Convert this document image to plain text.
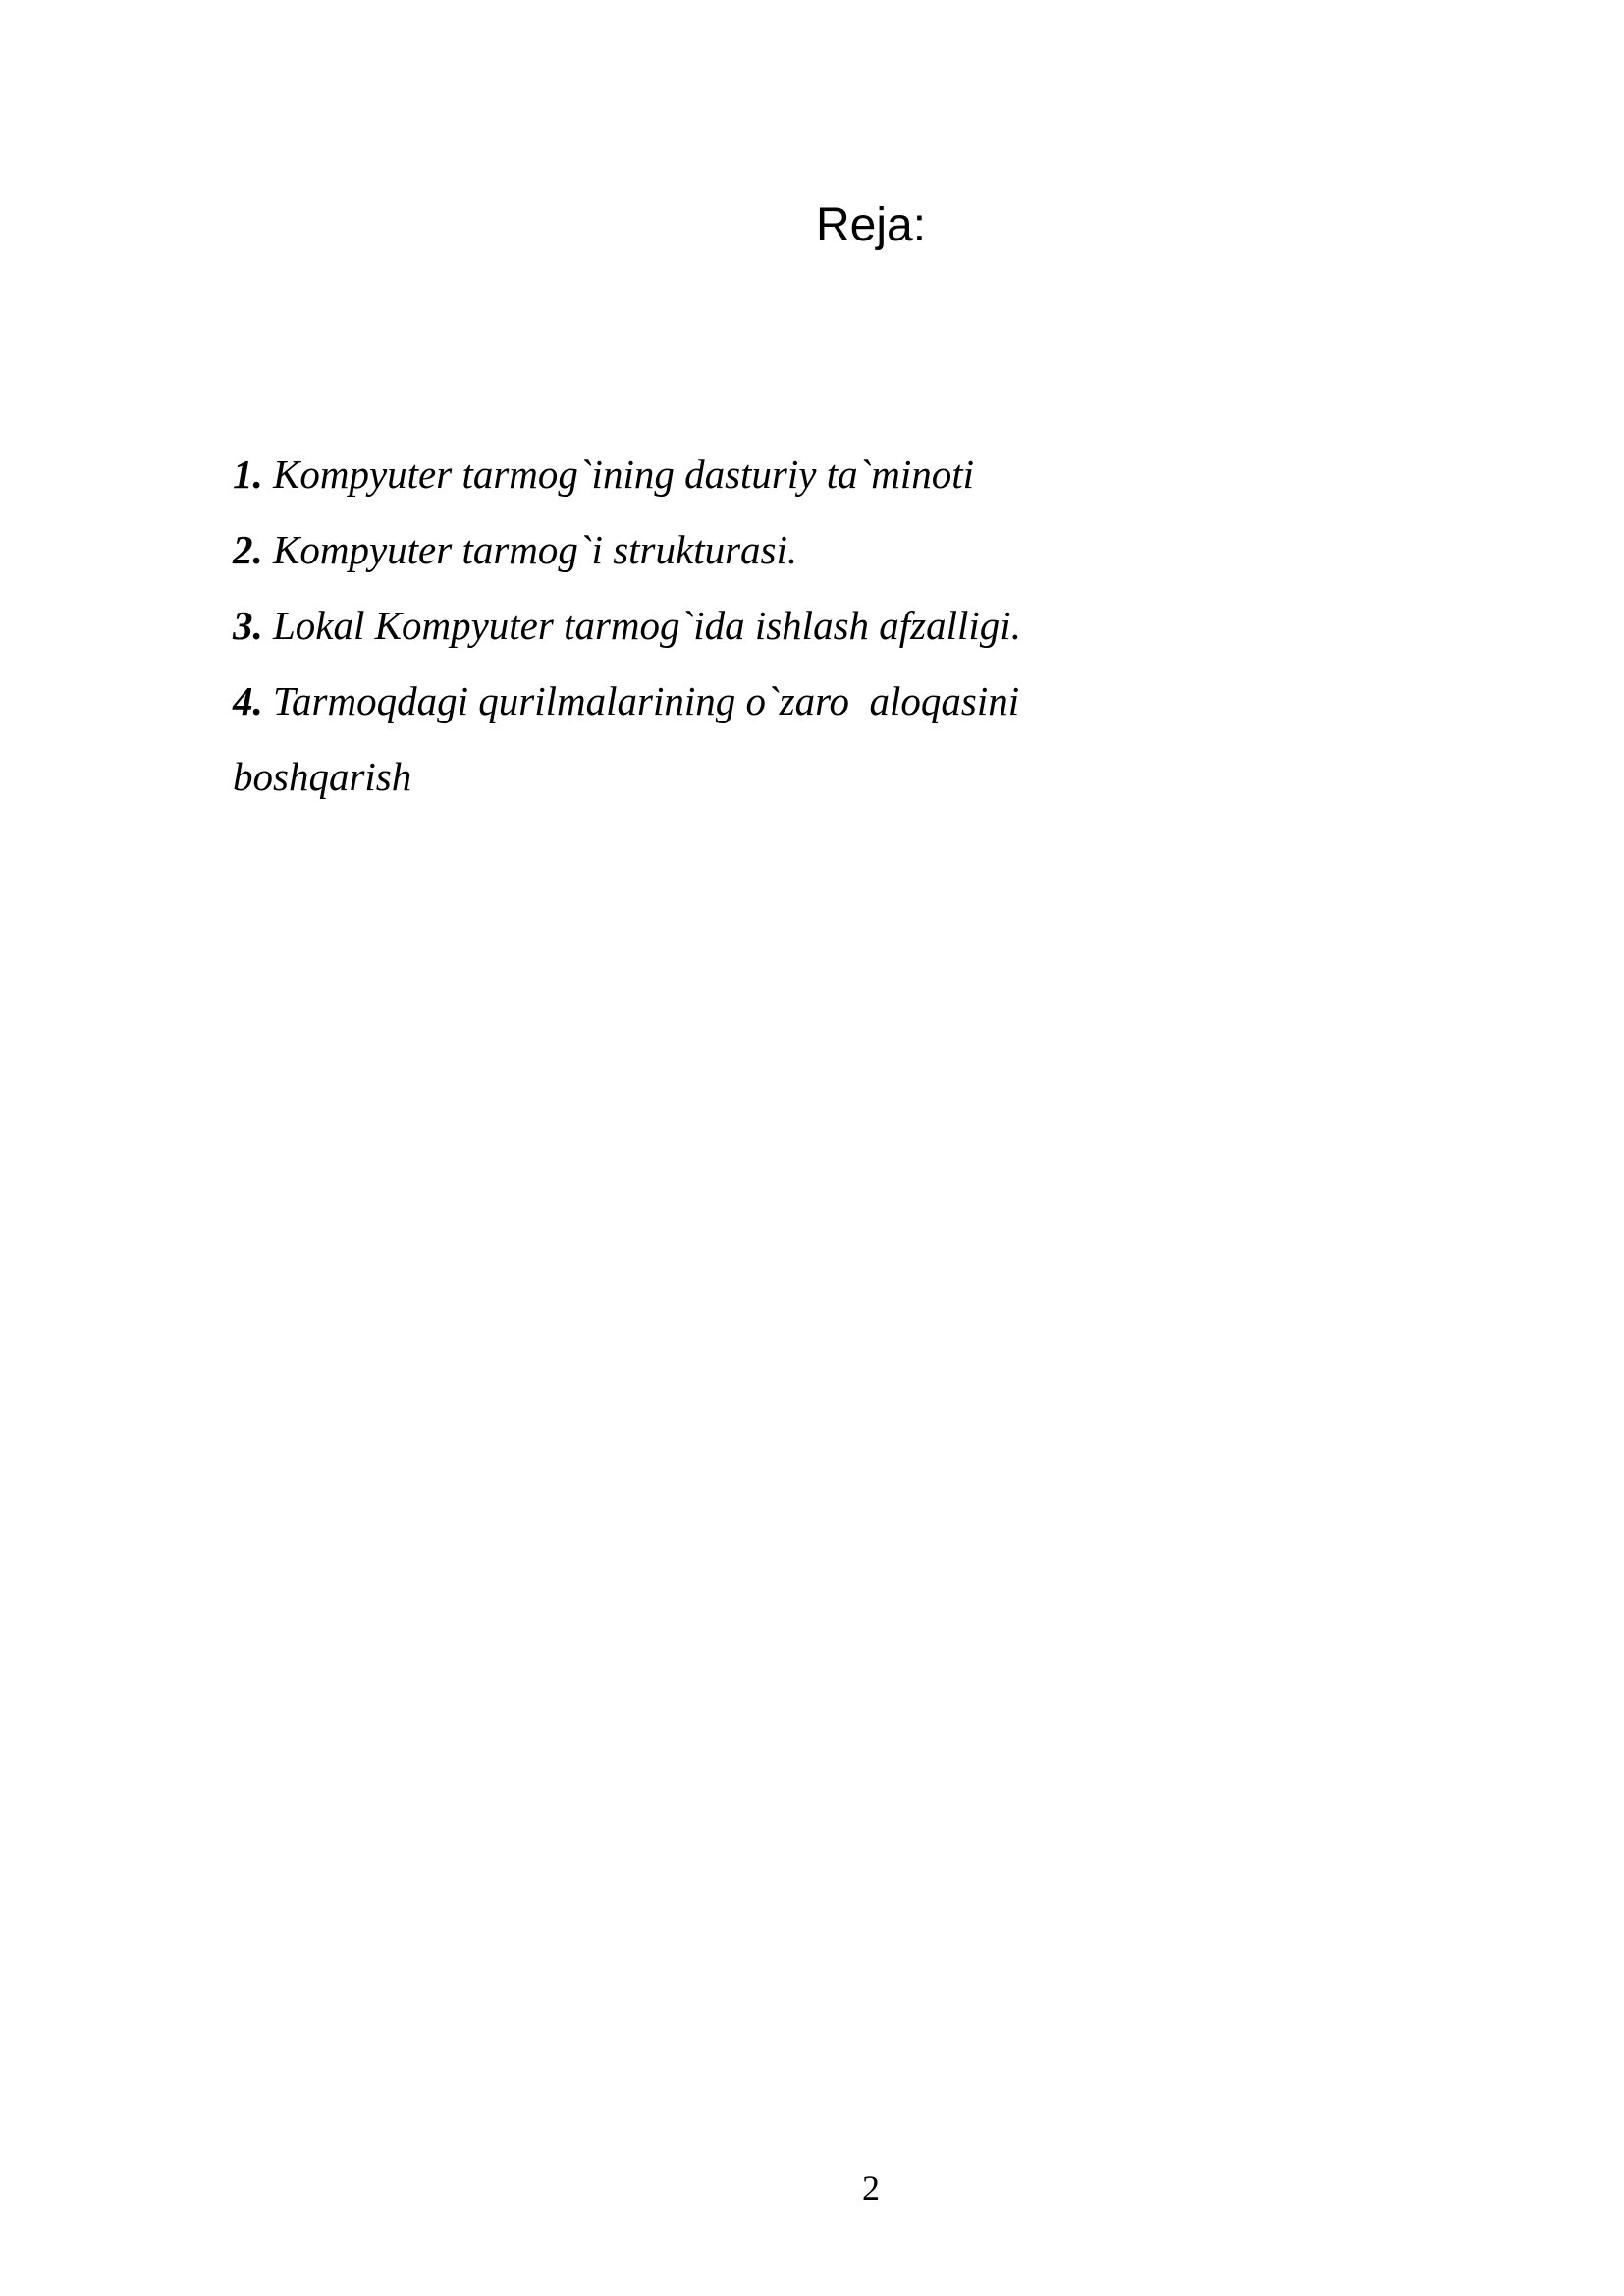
Reja:
1. Kompyuter tarmog`ining dasturiy ta`minoti
2. Kompyuter tarmog`i strukturasi.
3. Lokal Kompyuter tarmog`ida ishlash afzalligi.
4. Tarmoqdagi qurilmalarining o`zaro  aloqasini
boshqarish
2
